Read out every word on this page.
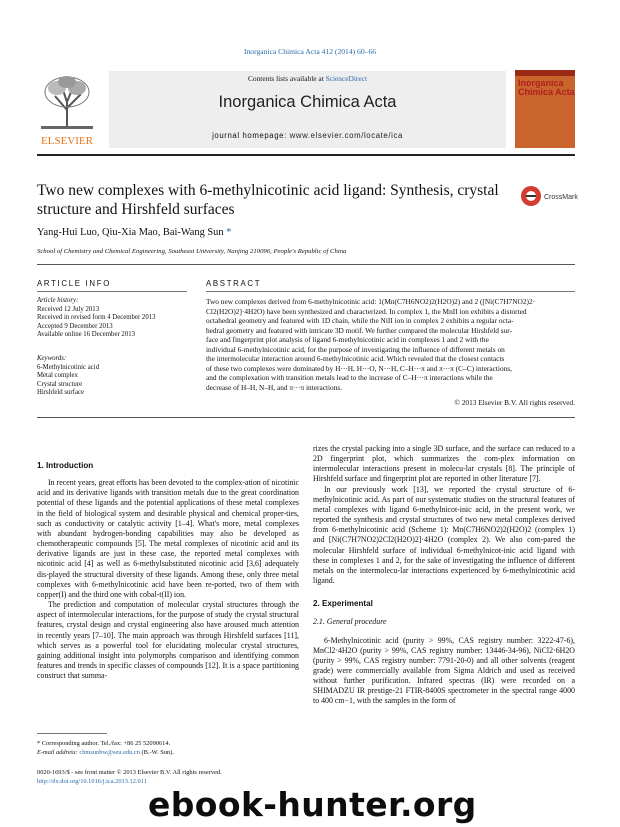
Inorganica Chimica Acta 412 (2014) 60–66
ELSEVIER
Contents lists available at ScienceDirect
Inorganica Chimica Acta
journal homepage: www.elsevier.com/locate/ica
Inorganica Chimica Acta
Two new complexes with 6-methylnicotinic acid ligand: Synthesis, crystal structure and Hirshfeld surfaces
CrossMark
Yang-Hui Luo, Qiu-Xia Mao, Bai-Wang Sun *
School of Chemistry and Chemical Engineering, Southeast University, Nanjing 210096, People's Republic of China
ARTICLE INFO	ABSTRACT
Article history:
Received 12 July 2013
Received in revised form 4 December 2013
Accepted 9 December 2013
Available online 16 December 2013
Keywords:
6-Methylnicotinic acid
Metal complex
Crystal structure
Hirshfeld surface
Two new complexes derived from 6-methylnicotinic acid: 1(Mn(C7H6NO2)2(H2O)2) and 2 ([Ni(C7H7NO2)2·
Cl2(H2O)2]·4H2O) have been synthesized and characterized. In complex 1, the MnII ion exhibits a distorted
octahedral geometry and featured with 1D chain, while the NiII ion in complex 2 exhibits a regular octa-
hedral geometry and featured with intricate 3D motif. We further compared the molecular Hirshfeld sur-
face and fingerprint plot analysis of ligand 6-methylnicotinic acid in complexes 1 and 2 with the
individual 6-methylnicotinic acid, for the purpose of investigating the influence of different metals on
the intermolecular interaction around 6-methylnicotinic acid. Which revealed that the closest contacts
of these two complexes were dominated by H···H, H···O, N···H, C–H···π and π···π (C–C) interactions,
and the complexation with transition metals lead to the increase of C–H···π interactions while the
decrease of H–H, N–H, and π···π interactions.
© 2013 Elsevier B.V. All rights reserved.

1. Introduction

In recent years, great efforts has been devoted to the complex-ation of nicotinic acid and its derivative ligands with transition metals due to the great coordination potential of these ligands and the potential applications of these metal complexes in the field of biological system and desirable physical and chemical proper-ties, such as conductivity or catalytic activity [1–4]. What's more, metal complexes with abundant hydrogen-bonding capabilities may also be developed as chemotherapeutic compounds [5]. The metal complexes of nicotinic acid and its derivative ligands are just in these case, the reported metal complexes with nicotinic acid [4] as well as 6-methylsubstituted nicotinic acid [3,6] adequately dis-played the structural diversity of these ligands. Among these, only three metal complexes with 6-methylnicotinic acid have been re-ported, two of them with copper(I) and the third one with cobal-t(II) ion.

The prediction and computation of molecular crystal structures through the aspect of intermolecular interactions, for the purpose of study the crystal structural features, crystal design and crystal engineering also have aroused much attention in recently years [7–10]. The main approach was through Hirshfeld surfaces [11], which serves as a powerful tool for elucidating molecular crystal structures, gaining additional insight into polymorphs comparison and identifying common features and trends in specific classes of compounds [12]. It is a space partitioning construct that summa-

* Corresponding author. Tel./fax: +86 25 52090614.
E-mail address: chmsunbw@seu.edu.cn (B.-W. Sun).
0020-1693/$ - see front matter © 2013 Elsevier B.V. All rights reserved.
http://dx.doi.org/10.1016/j.ica.2013.12.011

rizes the crystal packing into a single 3D surface, and the surface can reduced to a 2D fingerprint plot, which summarizes the com-plex information on intermolecular interactions present in molecu-lar crystals [8]. The principle of Hirshfeld surface and fingerprint plot are reported in other literature [7].

In our previously work [13], we reported the crystal structure of 6-methylnicotinic acid. As part of our systematic studies on the structural features of metal complexes with ligand 6-methylnicot-inic acid, in the present work, we reported the synthesis and crystal structures of two new metal complexes derived from 6-methylnicotinic acid (Scheme 1): Mn(C7H6NO2)2(H2O)2 (complex 1) and [Ni(C7H7NO2)2Cl2(H2O)2]·4H2O (complex 2). We also com-pared the molecular Hirshfeld surface of individual 6-methylnicot-inic acid ligand with these in complexes 1 and 2, for the sake of investigating the influence of different metals on the intermolecu-lar interactions experienced by 6-methylnicotinic acid ligand.

2. Experimental

2.1. General procedure

6-Methylnicotinic acid (purity > 99%, CAS registry number: 3222-47-6), MnCl2·4H2O (purity > 99%, CAS registry number: 13446-34-96), NiCl2·6H2O (purity > 99%, CAS registry number: 7791-20-0) and all other solvents (reagent grade) were commercially available from Sigma Aldrich and used as received without further purification. Infrared spectras (IR) were recorded on a SHIMADZU IR prestige-21 FTIR-8400S spectrometer in the spectral range 4000 to 400 cm−1, with the samples in the form of

ebook-hunter.org
